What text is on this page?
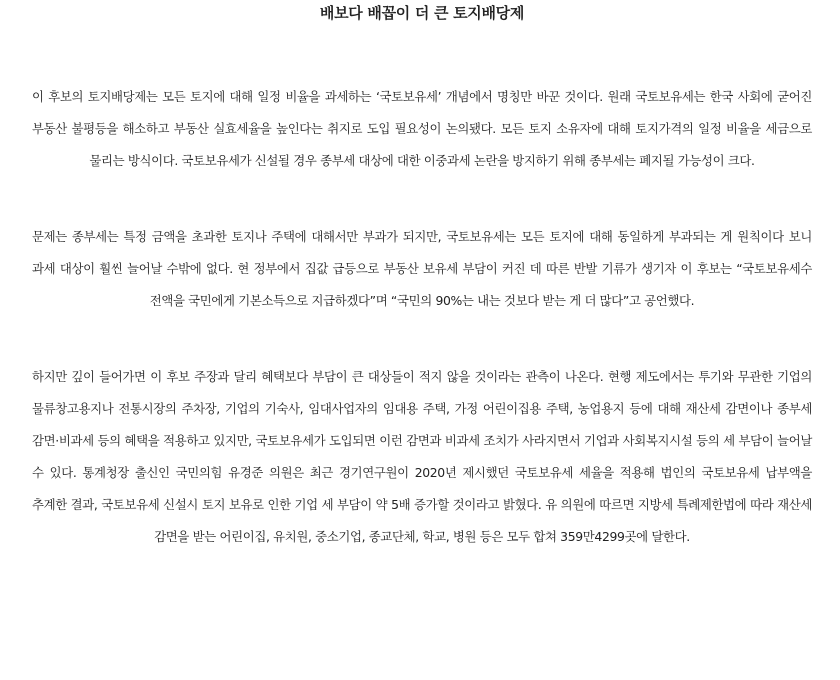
배보다 배꼽이 더 큰 토지배당제

이 후보의 토지배당제는 모든 토지에 대해 일정 비율을 과세하는 ‘국토보유세’ 개념에서 명칭만 바꾼 것이다. 원래 국토보유세는 한국 사회에 굳어진 부동산 불평등을 해소하고 부동산 실효세율을 높인다는 취지로 도입 필요성이 논의됐다. 모든 토지 소유자에 대해 토지가격의 일정 비율을 세금으로 물리는 방식이다. 국토보유세가 신설될 경우 종부세 대상에 대한 이중과세 논란을 방지하기 위해 종부세는 폐지될 가능성이 크다.

문제는 종부세는 특정 금액을 초과한 토지나 주택에 대해서만 부과가 되지만, 국토보유세는 모든 토지에 대해 동일하게 부과되는 게 원칙이다 보니 과세 대상이 훨씬 늘어날 수밖에 없다. 현 정부에서 집값 급등으로 부동산 보유세 부담이 커진 데 따른 반발 기류가 생기자 이 후보는 “국토보유세수 전액을 국민에게 기본소득으로 지급하겠다”며 “국민의 90%는 내는 것보다 받는 게 더 많다”고 공언했다.

하지만 깊이 들어가면 이 후보 주장과 달리 혜택보다 부담이 큰 대상들이 적지 않을 것이라는 관측이 나온다. 현행 제도에서는 투기와 무관한 기업의 물류창고용지나 전통시장의 주차장, 기업의 기숙사, 임대사업자의 임대용 주택, 가정 어린이집용 주택, 농업용지 등에 대해 재산세 감면이나 종부세 감면·비과세 등의 혜택을 적용하고 있지만, 국토보유세가 도입되면 이런 감면과 비과세 조치가 사라지면서 기업과 사회복지시설 등의 세 부담이 늘어날 수 있다. 통계청장 출신인 국민의힘 유경준 의원은 최근 경기연구원이 2020년 제시했던 국토보유세 세율을 적용해 법인의 국토보유세 납부액을 추계한 결과, 국토보유세 신설시 토지 보유로 인한 기업 세 부담이 약 5배 증가할 것이라고 밝혔다. 유 의원에 따르면 지방세 특례제한법에 따라 재산세 감면을 받는 어린이집, 유치원, 중소기업, 종교단체, 학교, 병원 등은 모두 합쳐 359만4299곳에 달한다.
